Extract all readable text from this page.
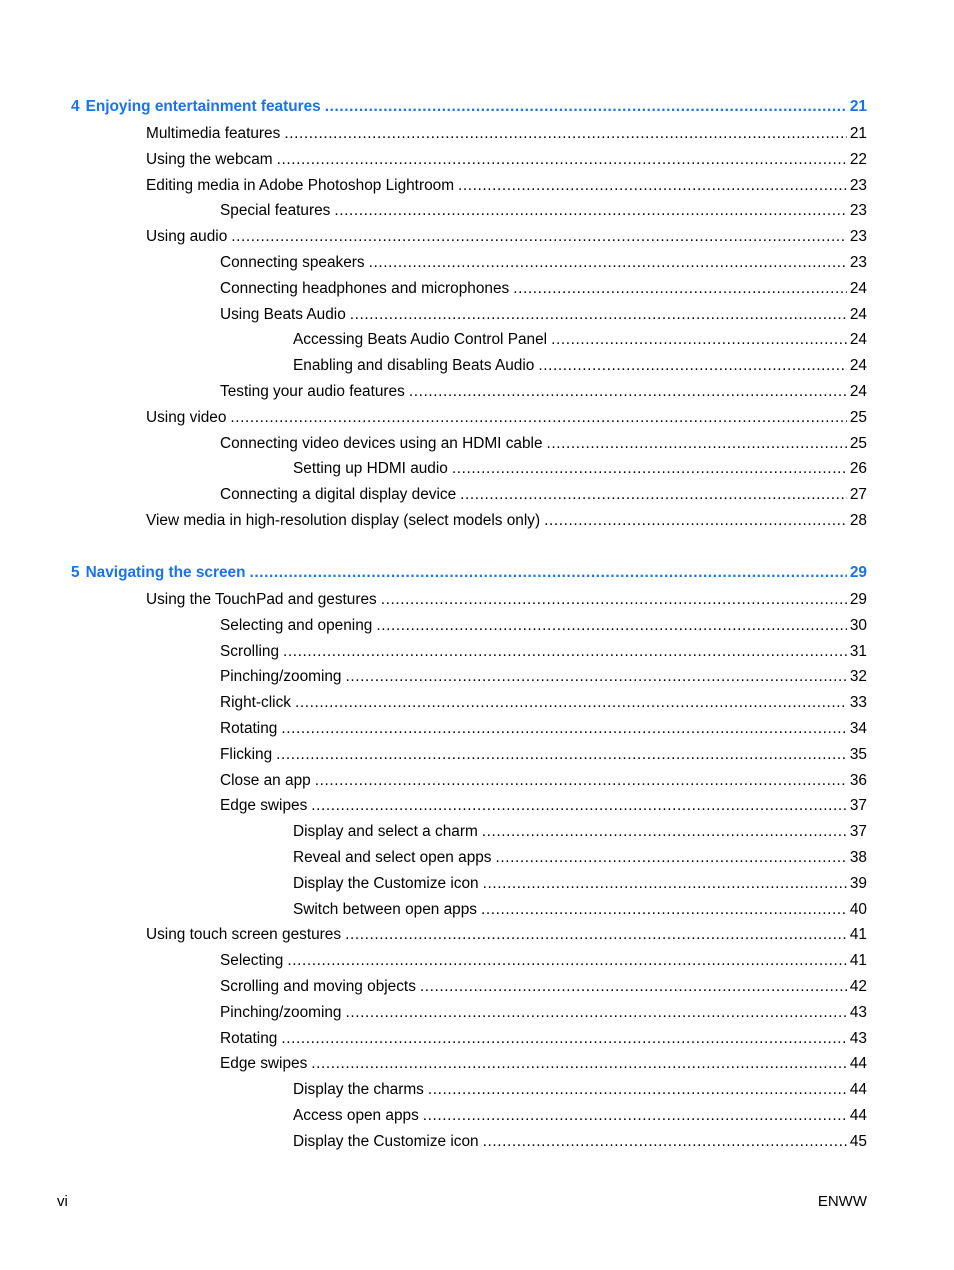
4 Enjoying entertainment features .....	21
Multimedia features .....	21
Using the webcam .....	22
Editing media in Adobe Photoshop Lightroom .....	23
Special features .....	23
Using audio .....	23
Connecting speakers .....	23
Connecting headphones and microphones .....	24
Using Beats Audio .....	24
Accessing Beats Audio Control Panel .....	24
Enabling and disabling Beats Audio .....	24
Testing your audio features .....	24
Using video .....	25
Connecting video devices using an HDMI cable .....	25
Setting up HDMI audio .....	26
Connecting a digital display device .....	27
View media in high-resolution display (select models only) .....	28
5 Navigating the screen .....	29
Using the TouchPad and gestures .....	29
Selecting and opening .....	30
Scrolling .....	31
Pinching/zooming .....	32
Right-click .....	33
Rotating .....	34
Flicking .....	35
Close an app .....	36
Edge swipes .....	37
Display and select a charm .....	37
Reveal and select open apps .....	38
Display the Customize icon .....	39
Switch between open apps .....	40
Using touch screen gestures .....	41
Selecting .....	41
Scrolling and moving objects .....	42
Pinching/zooming .....	43
Rotating .....	43
Edge swipes .....	44
Display the charms .....	44
Access open apps .....	44
Display the Customize icon .....	45
vi	ENWW
